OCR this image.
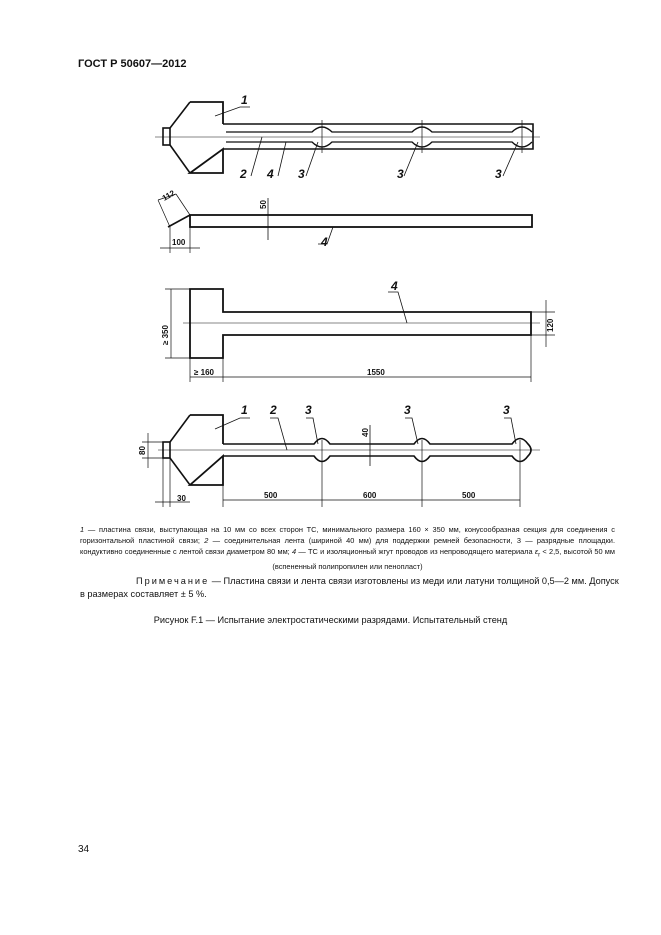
ГОСТ Р 50607—2012
1
2 4 3	3	3
112
100
50
4
4
≥ 350
≥ 160	1550
120
1 2 3	3	3
80
30	500	600	500
40
1 — пластина связи, выступающая на 10 мм со всех сторон ТС, минимального размера 160 × 350 мм, конусообразная секция для соединения с горизонтальной пластиной связи; 2 — соединительная лента (шириной 40 мм) для поддержки ремней безопасности, 3 — разрядные площадки. кондуктивно соединенные с лентой связи диаметром 80 мм; 4 — ТС и изоляционный жгут проводов из непроводящего материала $\varepsilon_r < 2,5$, высотой 50 мм (вспененный полипропилен или пенопласт)
Примечание — Пластина связи и лента связи изготовлены из меди или латуни толщиной 0,5—2 мм. Допуск в размерах составляет ± 5 %.
Рисунок F.1 — Испытание электростатическими разрядами. Испытательный стенд
34
